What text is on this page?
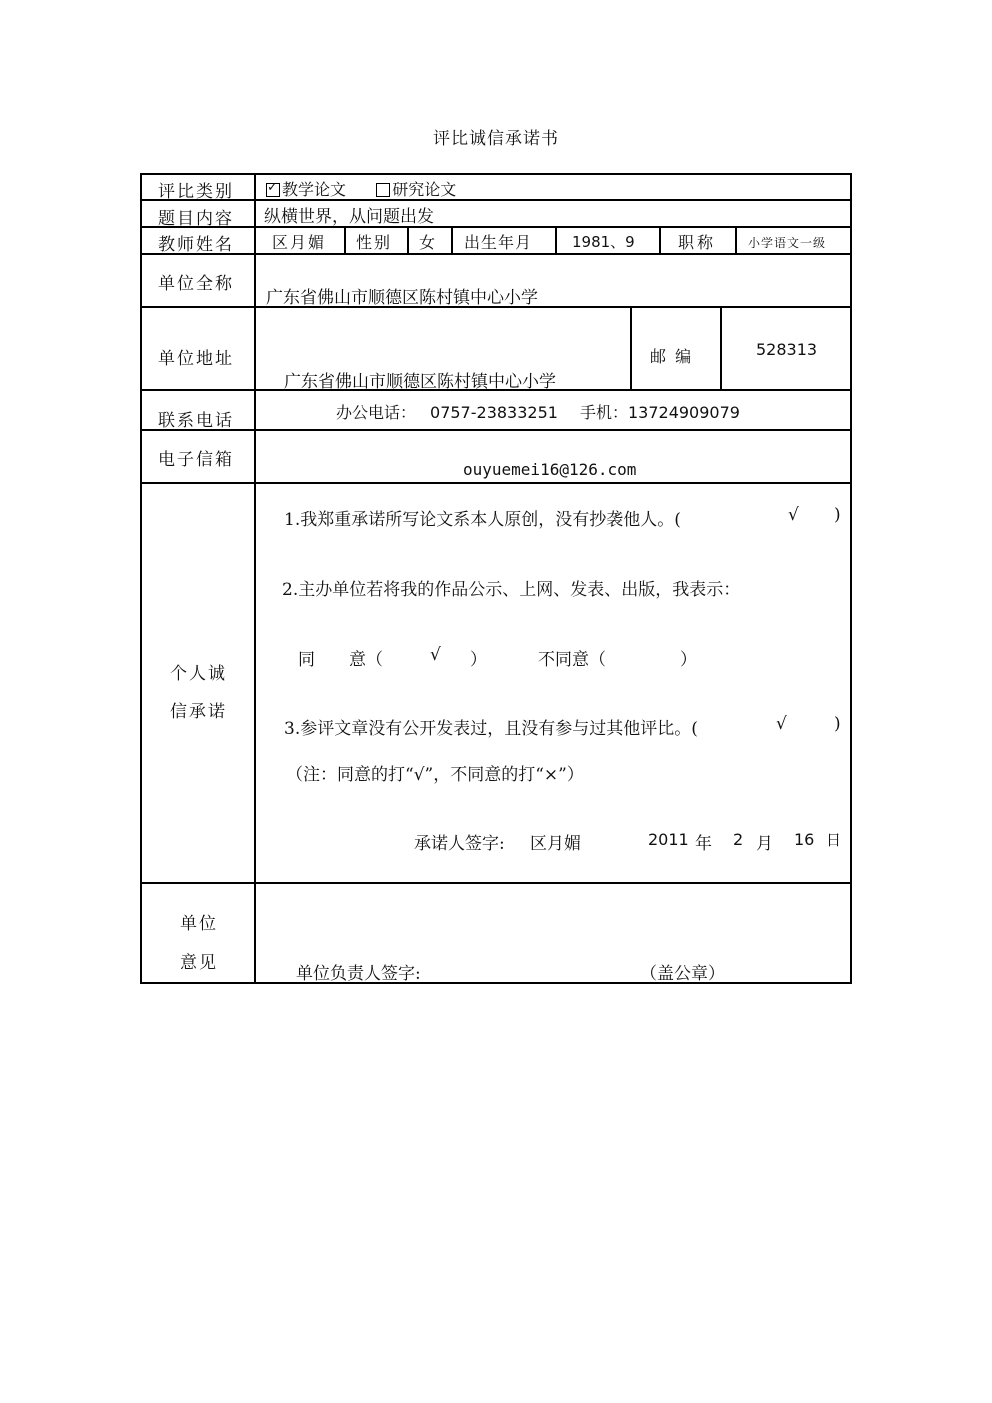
评比诚信承诺书
评比类别
✓	教学论文	研究论文
题目内容 纵横世界，从问题出发
教师姓名 区月媚 性别 女 出生年月	1981、9	职称	小学语文一级
单位全称
广东省佛山市顺德区陈村镇中心小学
单位地址
广东省佛山市顺德区陈村镇中心小学
邮 编	528313
联系电话	办公电话： 0757-23833251 手机：13724909079
电子信箱	ouyuemei16@126.com
个人诚
信承诺
1.我郑重承诺所写论文系本人原创，没有抄袭他人。(	√ )
2.主办单位若将我的作品公示、上网、发表、出版，我表示：
同　　意（	√ ）	不同意（	）
3.参评文章没有公开发表过，且没有参与过其他评比。(	√	)
（注：同意的打“√”，不同意的打“×”）
承诺人签字: 区月媚	2011 年 2 月 16 日
单位
意见
单位负责人签字:	（盖公章）
